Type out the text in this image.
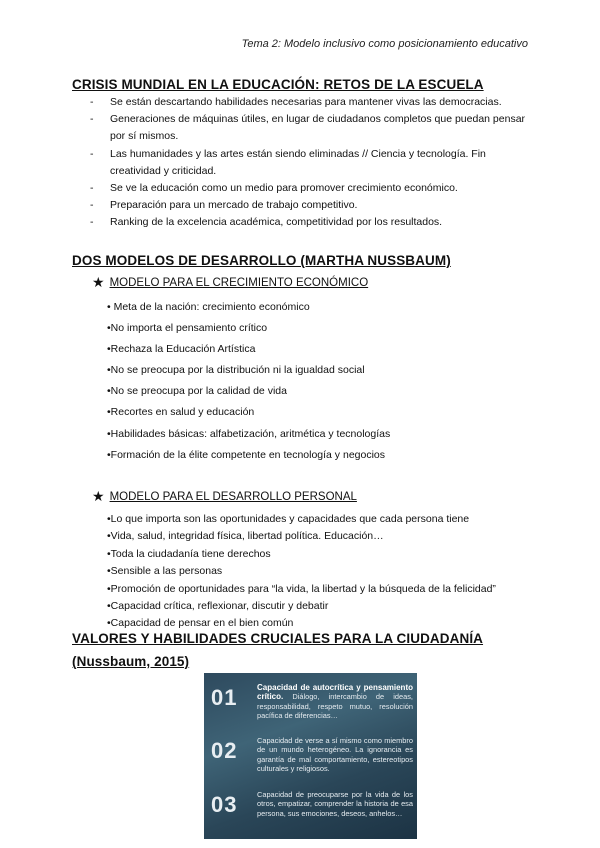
Tema 2: Modelo inclusivo como posicionamiento educativo
CRISIS MUNDIAL EN LA EDUCACIÓN: RETOS DE LA ESCUELA
- Se están descartando habilidades necesarias para mantener vivas las democracias.
- Generaciones de máquinas útiles, en lugar de ciudadanos completos que puedan pensar por sí mismos.
- Las humanidades y las artes están siendo eliminadas // Ciencia y tecnología. Fin creatividad y criticidad.
- Se ve la educación como un medio para promover crecimiento económico.
- Preparación para un mercado de trabajo competitivo.
- Ranking de la excelencia académica, competitividad por los resultados.
DOS MODELOS DE DESARROLLO (MARTHA NUSSBAUM)
★ MODELO PARA EL CRECIMIENTO ECONÓMICO
• Meta de la nación: crecimiento económico
•No importa el pensamiento crítico
•Rechaza la Educación Artística
•No se preocupa por la distribución ni la igualdad social
•No se preocupa por la calidad de vida
•Recortes en salud y educación
•Habilidades básicas: alfabetización, aritmética y tecnologías
•Formación de la élite competente en tecnología y negocios
★ MODELO PARA EL DESARROLLO PERSONAL
•Lo que importa son las oportunidades y capacidades que cada persona tiene
•Vida, salud, integridad física, libertad política. Educación…
•Toda la ciudadanía tiene derechos
•Sensible a las personas
•Promoción de oportunidades para “la vida, la libertad y la búsqueda de la felicidad”
•Capacidad crítica, reflexionar, discutir y debatir
•Capacidad de pensar en el bien común
VALORES Y HABILIDADES CRUCIALES PARA LA CIUDADANÍA
(Nussbaum, 2015)
01 Capacidad de autocrítica y pensamiento crítico. Diálogo, intercambio de ideas, responsabilidad, respeto mutuo, resolución pacífica de diferencias…
02	Capacidad de verse a sí mismo como miembro de un mundo heterogéneo. La ignorancia es garantía de mal comportamiento, estereotipos culturales y religiosos.
03	Capacidad de preocuparse por la vida de los otros, empatizar, comprender la historia de esa persona, sus emociones, deseos, anhelos…
